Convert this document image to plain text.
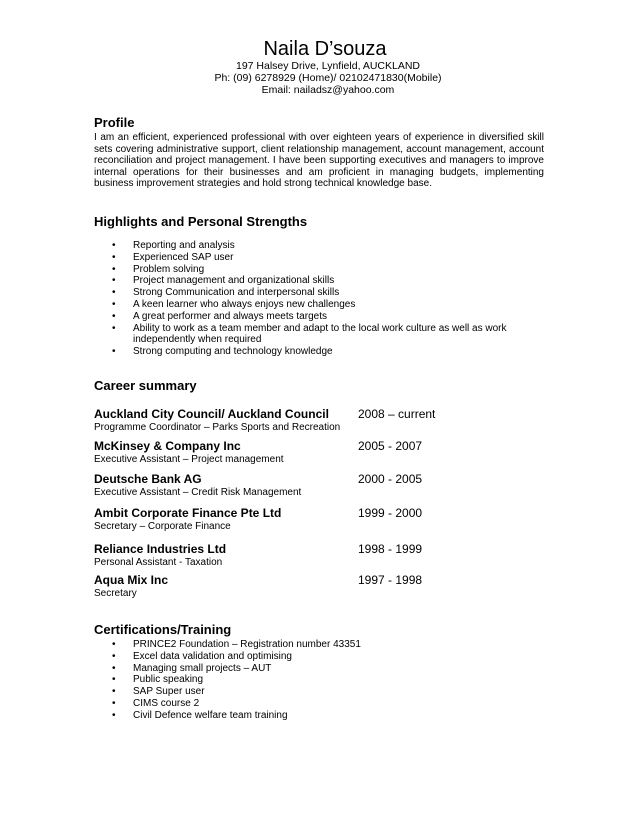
Naila D’souza
197 Halsey Drive, Lynfield, AUCKLAND
Ph: (09) 6278929 (Home)/ 02102471830(Mobile)
Email: nailadsz@yahoo.com
Profile

I am an efficient, experienced professional with over eighteen years of experience in diversified skill sets covering administrative support, client relationship management, account management, account reconciliation and project management. I have been supporting executives and managers to improve internal operations for their businesses and am proficient in managing budgets, implementing business improvement strategies and hold strong technical knowledge base.

Highlights and Personal Strengths
• Reporting and analysis
• Experienced SAP user
• Problem solving
• Project management and organizational skills
• Strong Communication and interpersonal skills
• A keen learner who always enjoys new challenges
• A great performer and always meets targets
• Ability to work as a team member and adapt to the local work culture as well as work independently when required
• Strong computing and technology knowledge
Career summary
Auckland City Council/ Auckland Council 2008 – current
Programme Coordinator – Parks Sports and Recreation
McKinsey & Company Inc	2005 - 2007
Executive Assistant – Project management
Deutsche Bank AG	2000 - 2005
Executive Assistant – Credit Risk Management
Ambit Corporate Finance Pte Ltd	1999 - 2000
Secretary – Corporate Finance
Reliance Industries Ltd	1998 - 1999
Personal Assistant - Taxation
Aqua Mix Inc	1997 - 1998
Secretary
Certifications/Training
• PRINCE2 Foundation – Registration number 43351
• Excel data validation and optimising
• Managing small projects – AUT
• Public speaking
• SAP Super user
• CIMS course 2
• Civil Defence welfare team training
